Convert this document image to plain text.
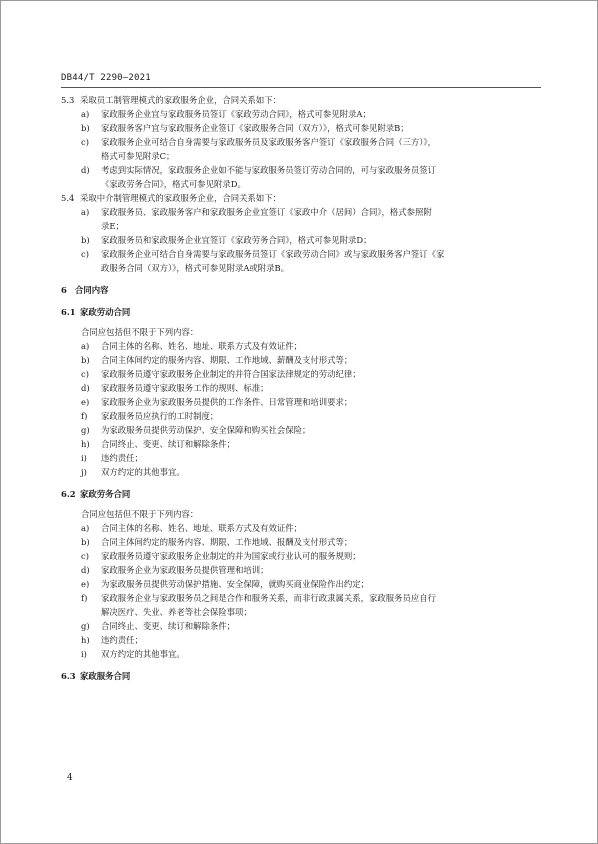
DB44/T 2290—2021
5.3 采取员工制管理模式的家政服务企业，合同关系如下：
a) 家政服务企业宜与家政服务员签订《家政劳动合同》，格式可参见附录A；
b) 家政服务客户宜与家政服务企业签订《家政服务合同（双方）》，格式可参见附录B；
c) 家政服务企业可结合自身需要与家政服务员及家政服务客户签订《家政服务合同（三方）》，
格式可参见附录C；
d) 考虑到实际情况，家政服务企业如不能与家政服务员签订劳动合同的，可与家政服务员签订
《家政劳务合同》，格式可参见附录D。
5.4 采取中介制管理模式的家政服务企业，合同关系如下：
a) 家政服务员、家政服务客户和家政服务企业宜签订《家政中介（居间）合同》，格式参照附
录E；
b) 家政服务员和家政服务企业宜签订《家政劳务合同》，格式可参见附录D；
c) 家政服务企业可结合自身需要与家政服务员签订《家政劳动合同》或与家政服务客户签订《家
政服务合同（双方）》，格式可参见附录A或附录B。
6 合同内容
6.1 家政劳动合同
合同应包括但不限于下列内容：
a) 合同主体的名称、姓名、地址、联系方式及有效证件；
b) 合同主体间约定的服务内容、期限、工作地域、薪酬及支付形式等；
c) 家政服务员遵守家政服务企业制定的并符合国家法律规定的劳动纪律；
d) 家政服务员遵守家政服务工作的规则、标准；
e) 家政服务企业为家政服务员提供的工作条件、日常管理和培训要求；
f) 家政服务员应执行的工时制度；
g) 为家政服务员提供劳动保护、安全保障和购买社会保险；
h) 合同终止、变更、续订和解除条件；
i) 违约责任；
j) 双方约定的其他事宜。
6.2 家政劳务合同
合同应包括但不限于下列内容：
a) 合同主体的名称、姓名、地址、联系方式及有效证件；
b) 合同主体间约定的服务内容、期限、工作地域、报酬及支付形式等；
c) 家政服务员遵守家政服务企业制定的并为国家或行业认可的服务规则；
d) 家政服务企业为家政服务员提供管理和培训；
e) 为家政服务员提供劳动保护措施、安全保障，就购买商业保险作出约定；
f) 家政服务企业与家政服务员之间是合作和服务关系，而非行政隶属关系，家政服务员应自行
解决医疗、失业、养老等社会保险事项；
g) 合同终止、变更、续订和解除条件；
h) 违约责任；
i) 双方约定的其他事宜。
6.3 家政服务合同
4
